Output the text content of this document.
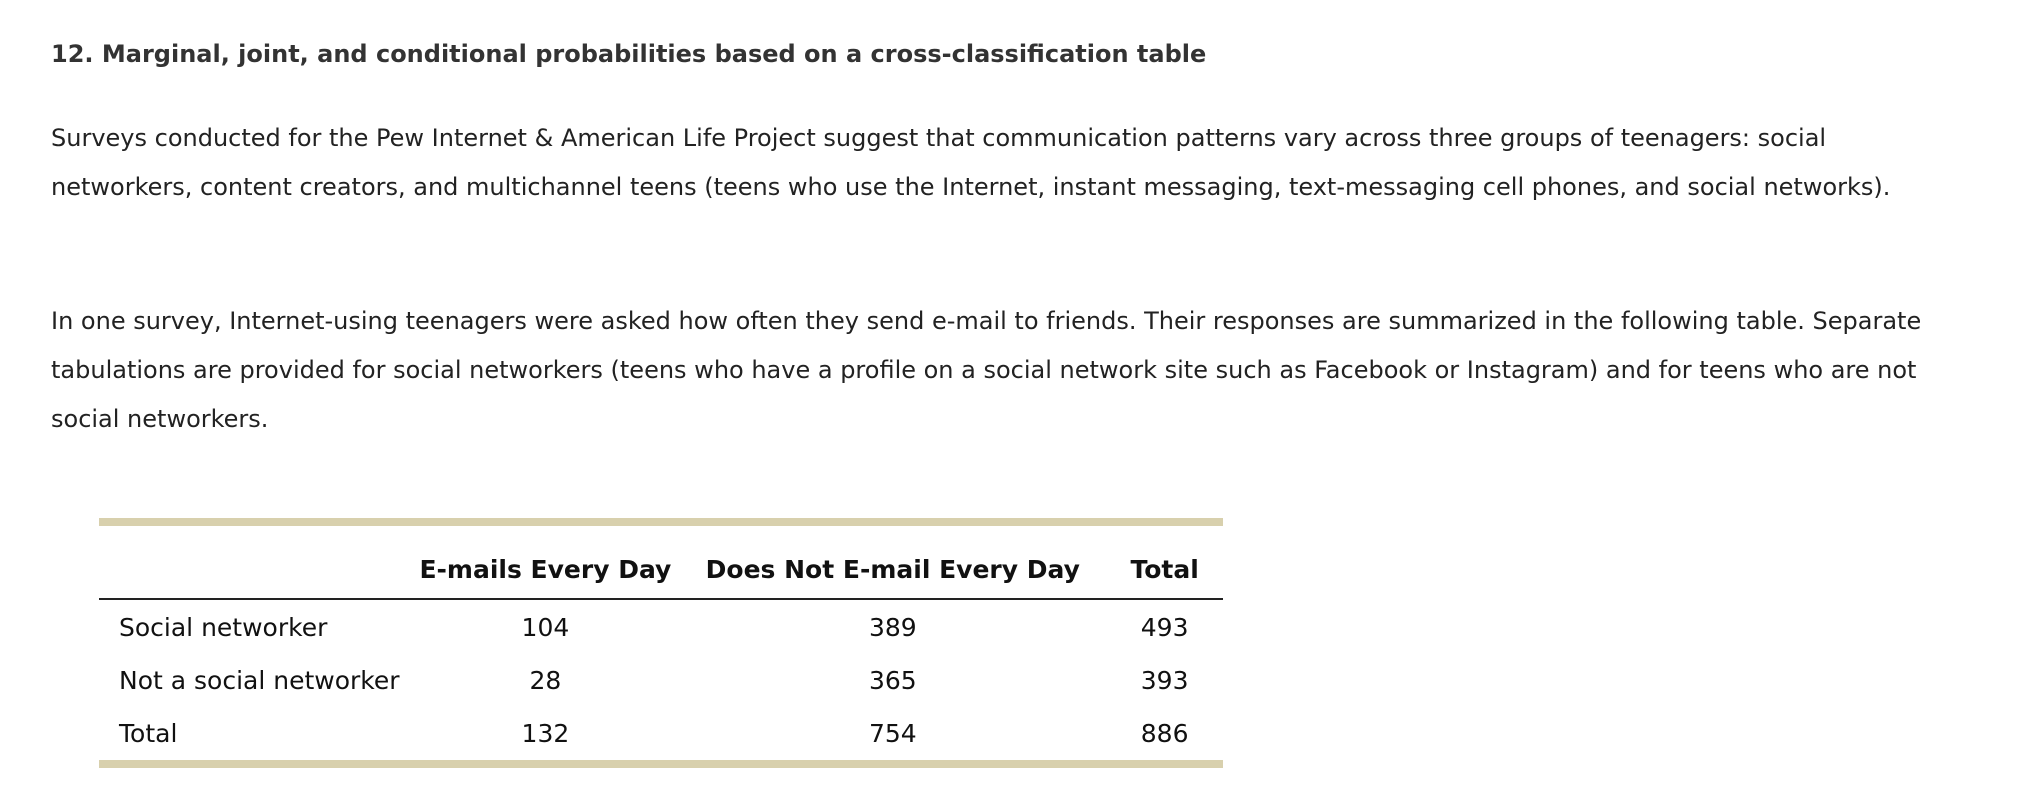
12. Marginal, joint, and conditional probabilities based on a cross-classification table

Surveys conducted for the Pew Internet & American Life Project suggest that communication patterns vary across three groups of teenagers: social networkers, content creators, and multichannel teens (teens who use the Internet, instant messaging, text-messaging cell phones, and social networks).

In one survey, Internet-using teenagers were asked how often they send e-mail to friends. Their responses are summarized in the following table. Separate tabulations are provided for social networkers (teens who have a profile on a social network site such as Facebook or Instagram) and for teens who are not social networkers.

	E-mails Every Day	Does Not E-mail Every Day	Total
Social networker	104	389	493
Not a social networker	28	365	393
Total	132	754	886
